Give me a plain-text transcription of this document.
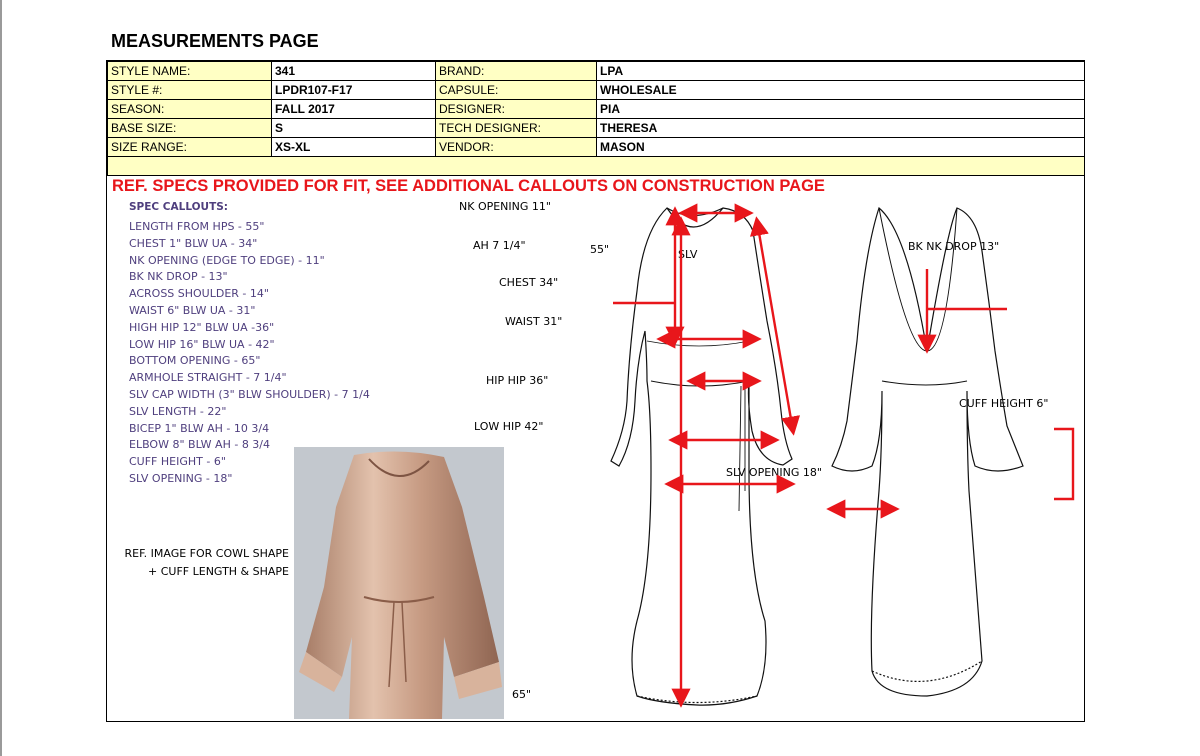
MEASUREMENTS PAGE
STYLE NAME:	341	BRAND:	LPA
STYLE #:	LPDR107-F17	CAPSULE:	WHOLESALE
SEASON:	FALL 2017	DESIGNER:	PIA
BASE SIZE:	S	TECH DESIGNER:	THERESA
SIZE RANGE:	XS-XL	VENDOR:	MASON

REF. SPECS PROVIDED FOR FIT, SEE ADDITIONAL CALLOUTS ON CONSTRUCTION PAGE
SPEC CALLOUTS:
LENGTH FROM HPS - 55"
CHEST 1" BLW UA - 34"
NK OPENING (EDGE TO EDGE) - 11"
BK NK DROP - 13"
ACROSS SHOULDER - 14"
WAIST 6" BLW UA - 31"
HIGH HIP 12" BLW UA -36"
LOW HIP 16" BLW UA - 42"
BOTTOM OPENING - 65"
ARMHOLE STRAIGHT - 7 1/4"
SLV CAP WIDTH (3" BLW SHOULDER) - 7 1/4
SLV LENGTH - 22"
BICEP 1" BLW AH - 10 3/4
ELBOW 8" BLW AH - 8 3/4
CUFF HEIGHT - 6"
SLV OPENING - 18"
REF. IMAGE FOR COWL SHAPE
+ CUFF LENGTH & SHAPE
NK OPENING 11"
AH 7 1/4"	55"	SLV
CHEST 34"
WAIST 31"
HIP HIP 36"
LOW HIP 42"
65"
BK NK DROP 13"
CUFF HEIGHT 6"
SLV OPENING 18"
